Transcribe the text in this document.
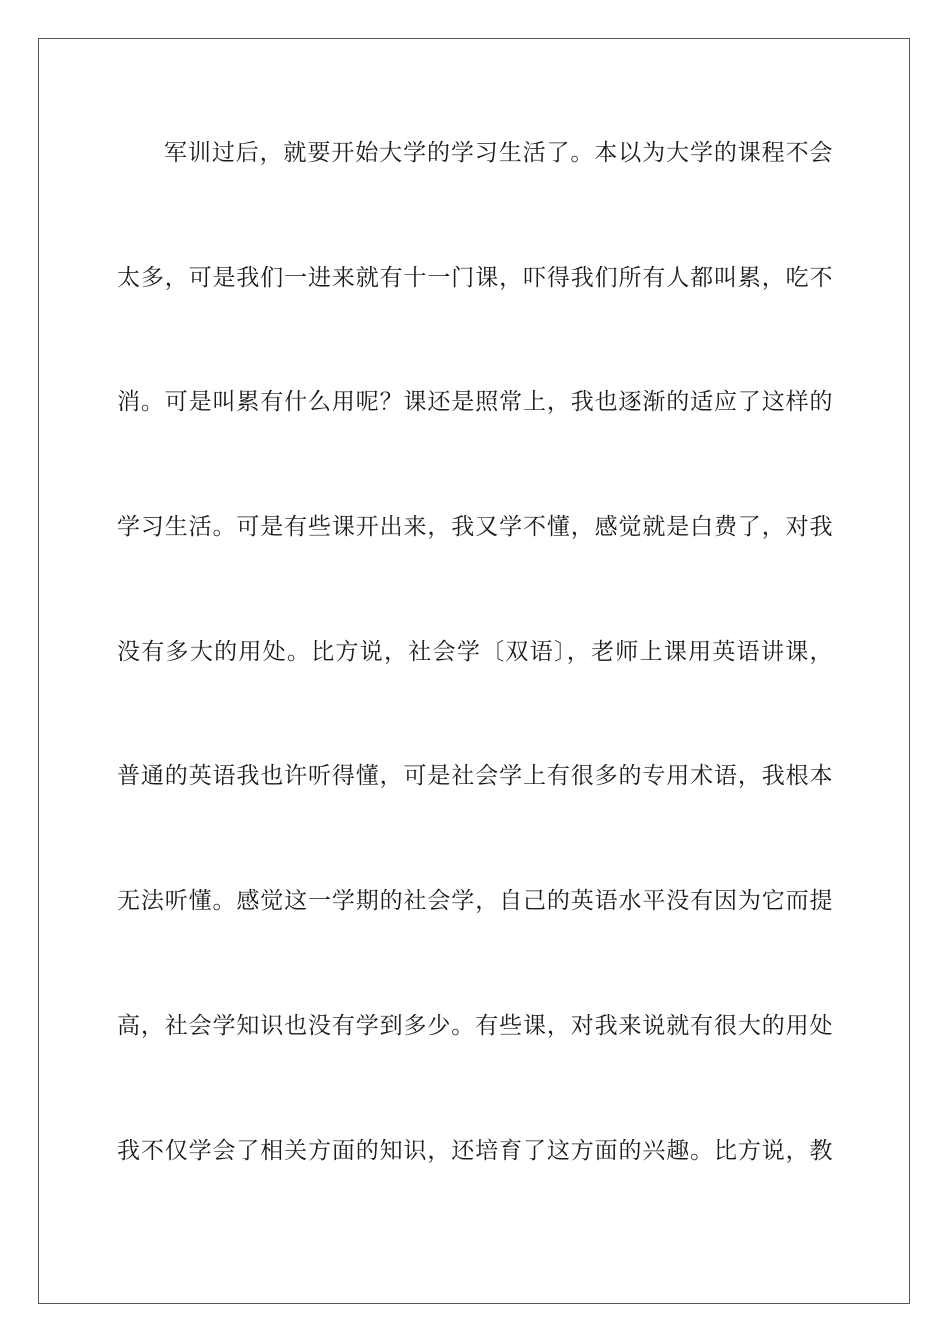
军训过后，就要开始大学的学习生活了。本以为大学的课程不会
太多，可是我们一进来就有十一门课，吓得我们所有人都叫累，吃不
消。可是叫累有什么用呢？课还是照常上，我也逐渐的适应了这样的
学习生活。可是有些课开出来，我又学不懂，感觉就是白费了，对我
没有多大的用处。比方说，社会学〔双语〕，老师上课用英语讲课，
普通的英语我也许听得懂，可是社会学上有很多的专用术语，我根本
无法听懂。感觉这一学期的社会学，自己的英语水平没有因为它而提
高，社会学知识也没有学到多少。有些课，对我来说就有很大的用处
我不仅学会了相关方面的知识，还培育了这方面的兴趣。比方说，教
